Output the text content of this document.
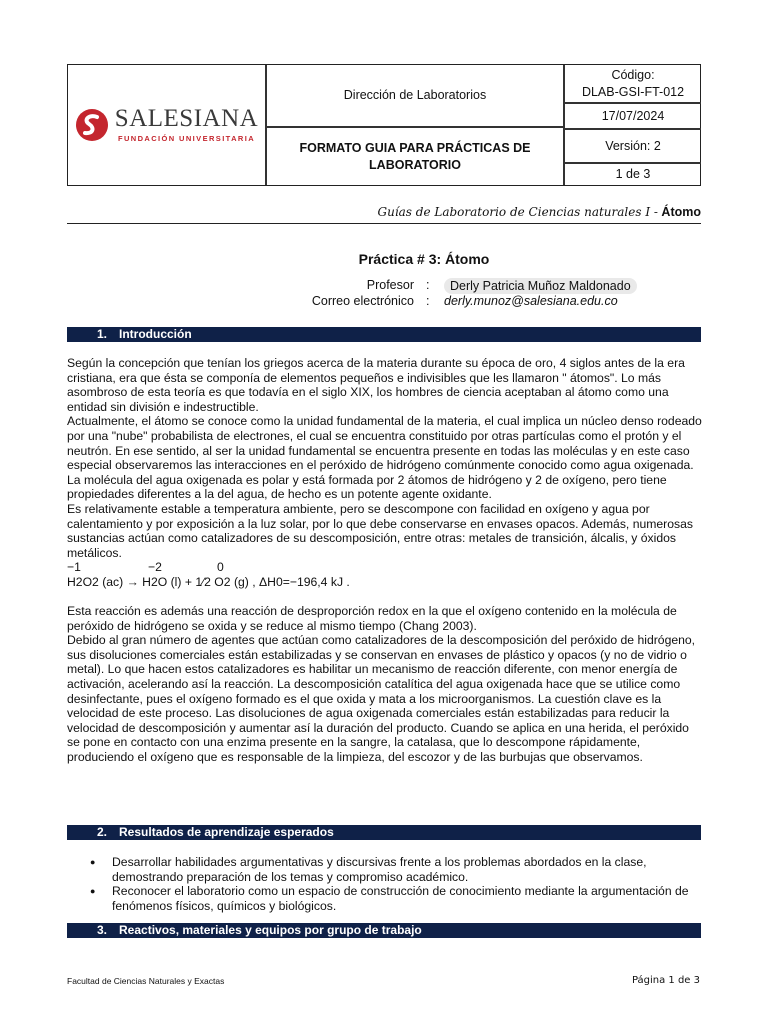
SALESIANA
FUNDACIÓN UNIVERSITARIA
Dirección de Laboratorios
FORMATO GUIA PARA PRÁCTICAS DE LABORATORIO
Código:
DLAB-GSI-FT-012
17/07/2024
Versión: 2
1 de 3
Guías de Laboratorio de Ciencias naturales I - Átomo
Práctica # 3: Átomo
Profesor :	Derly Patricia Muñoz Maldonado
Correo electrónico : derly.munoz@salesiana.edu.co
1. Introducción

Según la concepción que tenían los griegos acerca de la materia durante su época de oro, 4 siglos antes de la era cristiana, era que ésta se componía de elementos pequeños e indivisibles que les llamaron " átomos". Lo más asombroso de esta teoría es que todavía en el siglo XIX, los hombres de ciencia aceptaban al átomo como una entidad sin división e indestructible.

Actualmente, el átomo se conoce como la unidad fundamental de la materia, el cual implica un núcleo denso rodeado por una "nube" probabilista de electrones, el cual se encuentra constituido por otras partículas como el protón y el neutrón. En ese sentido, al ser la unidad fundamental se encuentra presente en todas las moléculas y en este caso especial observaremos las interacciones en el peróxido de hidrógeno comúnmente conocido como agua oxigenada.

La molécula del agua oxigenada es polar y está formada por 2 átomos de hidrógeno y 2 de oxígeno, pero tiene propiedades diferentes a la del agua, de hecho es un potente agente oxidante.

Es relativamente estable a temperatura ambiente, pero se descompone con facilidad en oxígeno y agua por calentamiento y por exposición a la luz solar, por lo que debe conservarse en envases opacos. Además, numerosas sustancias actúan como catalizadores de su descomposición, entre otras: metales de transición, álcalis, y óxidos metálicos.

−1	−2	0

H2O2 (ac) → H2O (l) + 1⁄2 O2 (g) , ΔH0=−196,4 kJ .

Esta reacción es además una reacción de desproporción redox en la que el oxígeno contenido en la molécula de peróxido de hidrógeno se oxida y se reduce al mismo tiempo (Chang 2003).

Debido al gran número de agentes que actúan como catalizadores de la descomposición del peróxido de hidrógeno, sus disoluciones comerciales están estabilizadas y se conservan en envases de plástico y opacos (y no de vidrio o metal). Lo que hacen estos catalizadores es habilitar un mecanismo de reacción diferente, con menor energía de activación, acelerando así la reacción. La descomposición catalítica del agua oxigenada hace que se utilice como desinfectante, pues el oxígeno formado es el que oxida y mata a los microorganismos. La cuestión clave es la velocidad de este proceso. Las disoluciones de agua oxigenada comerciales están estabilizadas para reducir la velocidad de descomposición y aumentar así la duración del producto. Cuando se aplica en una herida, el peróxido se pone en contacto con una enzima presente en la sangre, la catalasa, que lo descompone rápidamente, produciendo el oxígeno que es responsable de la limpieza, del escozor y de las burbujas que observamos.

2. Resultados de aprendizaje esperados
● Desarrollar habilidades argumentativas y discursivas frente a los problemas abordados en la clase, demostrando preparación de los temas y compromiso académico.
● Reconocer el laboratorio como un espacio de construcción de conocimiento mediante la argumentación de fenómenos físicos, químicos y biológicos.
3. Reactivos, materiales y equipos por grupo de trabajo
Facultad de Ciencias Naturales y Exactas	Página 1 de 3
